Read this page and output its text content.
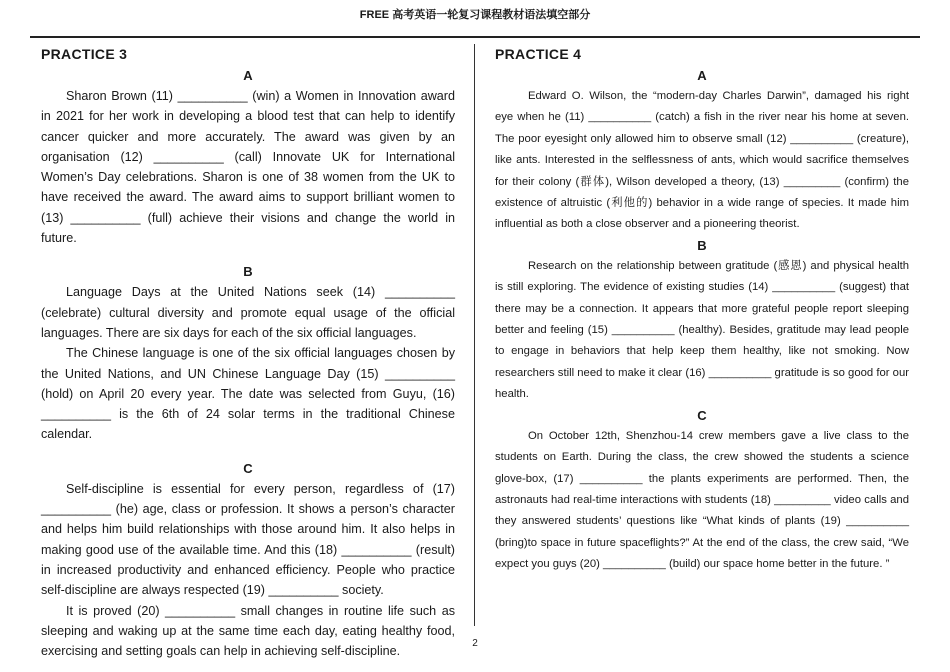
FREE 高考英语一轮复习课程教材语法填空部分
PRACTICE 3
A

Sharon Brown (11) __________ (win) a Women in Innovation award in 2021 for her work in developing a blood test that can help to identify cancer quicker and more accurately. The award was given by an organisation (12) __________ (call) Innovate UK for International Women’s Day celebrations. Sharon is one of 38 women from the UK to have received the award. The award aims to support brilliant women to (13) __________ (full) achieve their visions and change the world in future.

B

Language Days at the United Nations seek (14) __________ (celebrate) cultural diversity and promote equal usage of the official languages. There are six days for each of the six official languages.

The Chinese language is one of the six official languages chosen by the United Nations, and UN Chinese Language Day (15) __________ (hold) on April 20 every year. The date was selected from Guyu, (16) __________ is the 6th of 24 solar terms in the traditional Chinese calendar.

C

Self-discipline is essential for every person, regardless of (17) __________ (he) age, class or profession. It shows a person’s character and helps him build relationships with those around him. It also helps in making good use of the available time. And this (18) __________ (result) in increased productivity and enhanced efficiency. People who practice self-discipline are always respected (19) __________ society.

It is proved (20) __________ small changes in routine life such as sleeping and waking up at the same time each day, eating healthy food, exercising and setting goals can help in achieving self-discipline.

PRACTICE 4
A

Edward O. Wilson, the “modern-day Charles Darwin”, damaged his right eye when he (11) __________ (catch) a fish in the river near his home at seven. The poor eyesight only allowed him to observe small (12) __________ (creature), like ants. Interested in the selflessness of ants, which would sacrifice themselves for their colony (群体), Wilson developed a theory, (13) _________ (confirm) the existence of altruistic (利他的) behavior in a wide range of species. It made him influential as both a close observer and a pioneering theorist.

B

Research on the relationship between gratitude (感恩) and physical health is still exploring. The evidence of existing studies (14) __________ (suggest) that there may be a connection. It appears that more grateful people report sleeping better and feeling (15) __________ (healthy). Besides, gratitude may lead people to engage in behaviors that help keep them healthy, like not smoking. Now researchers still need to make it clear (16) __________ gratitude is so good for our health.

C

On October 12th, Shenzhou-14 crew members gave a live class to the students on Earth. During the class, the crew showed the students a science glove-box, (17) __________ the plants experiments are performed. Then, the astronauts had real-time interactions with students (18) _________ video calls and they answered students’ questions like “What kinds of plants (19) __________ (bring)to space in future spaceflights?” At the end of the class, the crew said, “We expect you guys (20) __________ (build) our space home better in the future. ”

2
